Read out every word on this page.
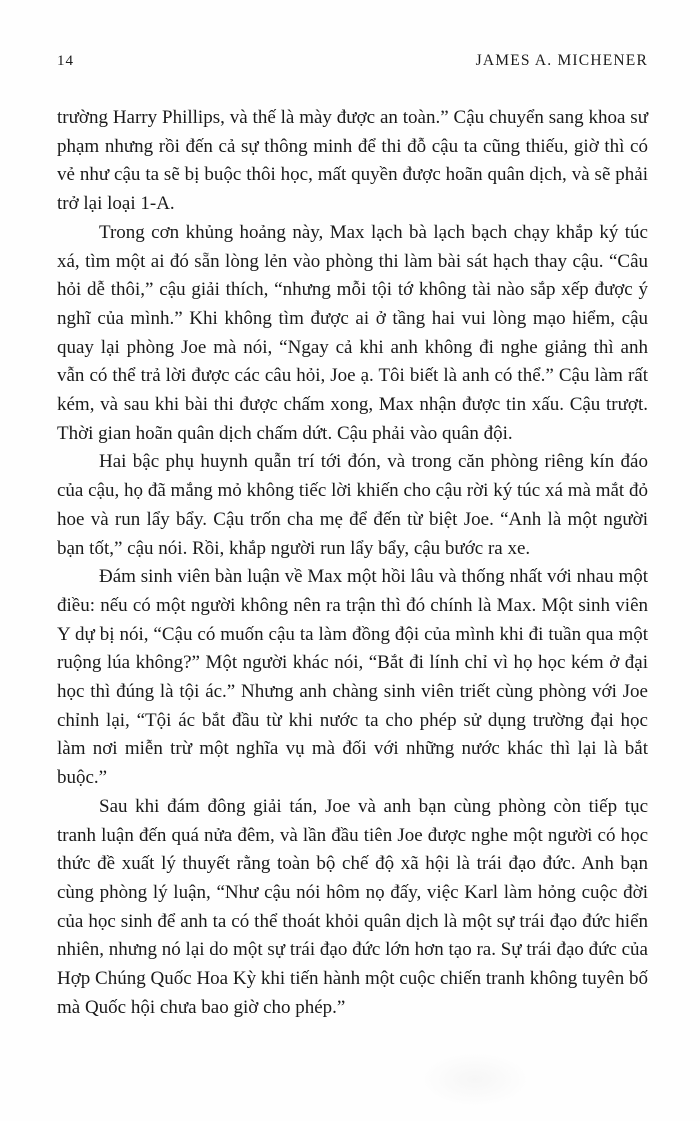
14	JAMES A. MICHENER

trường Harry Phillips, và thế là mày được an toàn.” Cậu chuyển sang khoa sư phạm nhưng rồi đến cả sự thông minh để thi đỗ cậu ta cũng thiếu, giờ thì có vẻ như cậu ta sẽ bị buộc thôi học, mất quyền được hoãn quân dịch, và sẽ phải trở lại loại 1-A.

Trong cơn khủng hoảng này, Max lạch bà lạch bạch chạy khắp ký túc xá, tìm một ai đó sẵn lòng lẻn vào phòng thi làm bài sát hạch thay cậu. “Câu hỏi dễ thôi,” cậu giải thích, “nhưng mỗi tội tớ không tài nào sắp xếp được ý nghĩ của mình.” Khi không tìm được ai ở tầng hai vui lòng mạo hiểm, cậu quay lại phòng Joe mà nói, “Ngay cả khi anh không đi nghe giảng thì anh vẫn có thể trả lời được các câu hỏi, Joe ạ. Tôi biết là anh có thể.” Cậu làm rất kém, và sau khi bài thi được chấm xong, Max nhận được tin xấu. Cậu trượt. Thời gian hoãn quân dịch chấm dứt. Cậu phải vào quân đội.

Hai bậc phụ huynh quẫn trí tới đón, và trong căn phòng riêng kín đáo của cậu, họ đã mắng mỏ không tiếc lời khiến cho cậu rời ký túc xá mà mắt đỏ hoe và run lẩy bẩy. Cậu trốn cha mẹ để đến từ biệt Joe. “Anh là một người bạn tốt,” cậu nói. Rồi, khắp người run lẩy bẩy, cậu bước ra xe.

Đám sinh viên bàn luận về Max một hồi lâu và thống nhất với nhau một điều: nếu có một người không nên ra trận thì đó chính là Max. Một sinh viên Y dự bị nói, “Cậu có muốn cậu ta làm đồng đội của mình khi đi tuần qua một ruộng lúa không?” Một người khác nói, “Bắt đi lính chỉ vì họ học kém ở đại học thì đúng là tội ác.” Nhưng anh chàng sinh viên triết cùng phòng với Joe chỉnh lại, “Tội ác bắt đầu từ khi nước ta cho phép sử dụng trường đại học làm nơi miễn trừ một nghĩa vụ mà đối với những nước khác thì lại là bắt buộc.”

Sau khi đám đông giải tán, Joe và anh bạn cùng phòng còn tiếp tục tranh luận đến quá nửa đêm, và lần đầu tiên Joe được nghe một người có học thức đề xuất lý thuyết rằng toàn bộ chế độ xã hội là trái đạo đức. Anh bạn cùng phòng lý luận, “Như cậu nói hôm nọ đấy, việc Karl làm hỏng cuộc đời của học sinh để anh ta có thể thoát khỏi quân dịch là một sự trái đạo đức hiển nhiên, nhưng nó lại do một sự trái đạo đức lớn hơn tạo ra. Sự trái đạo đức của Hợp Chúng Quốc Hoa Kỳ khi tiến hành một cuộc chiến tranh không tuyên bố mà Quốc hội chưa bao giờ cho phép.”
